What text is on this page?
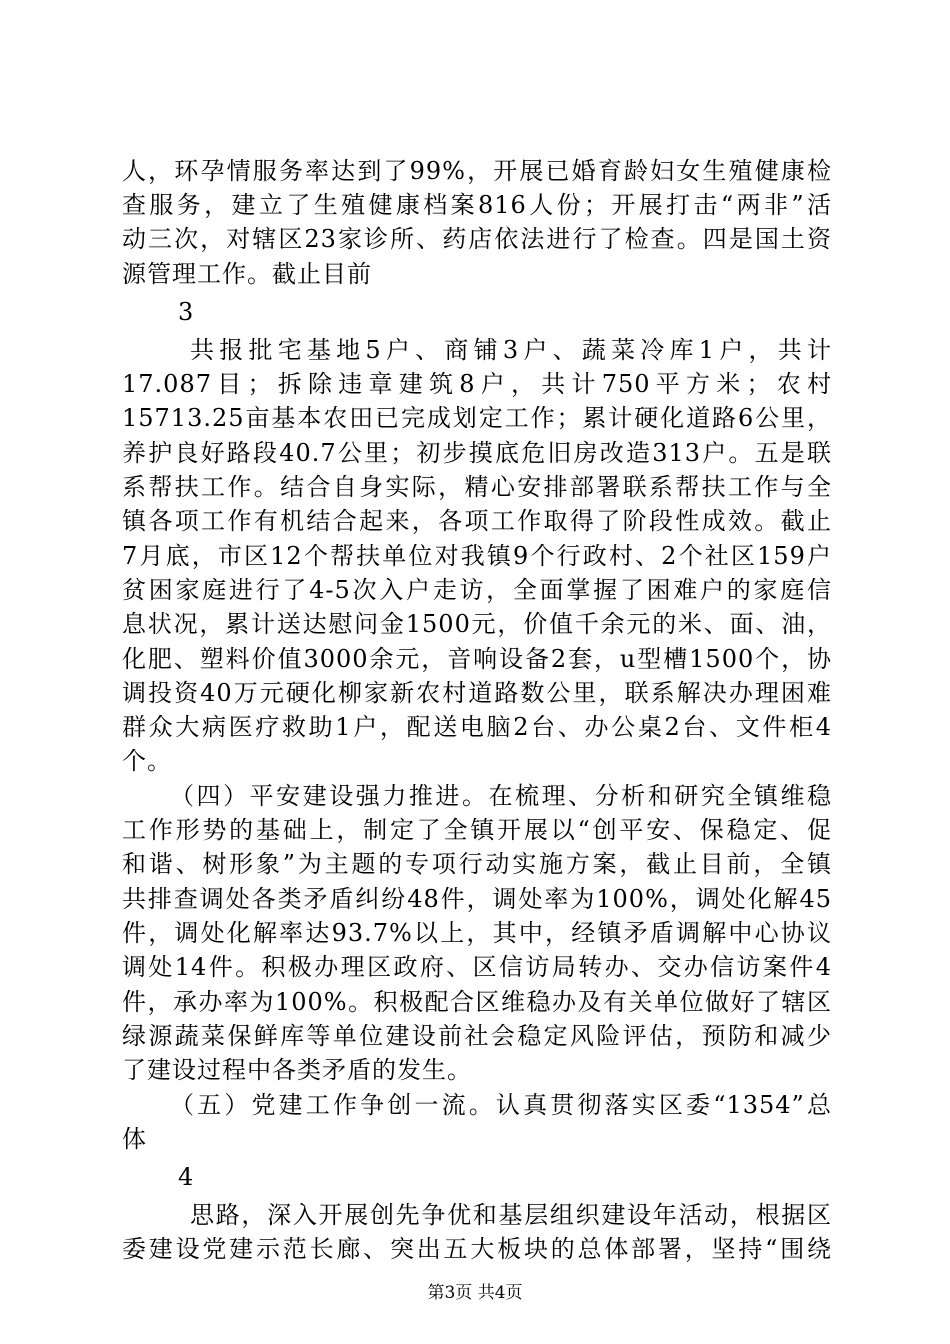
人，环孕情服务率达到了99%，开展已婚育龄妇女生殖健康检
查服务，建立了生殖健康档案816人份；开展打击“两非”活
动三次，对辖区23家诊所、药店依法进行了检查。四是国土资
源管理工作。截止目前
3
共报批宅基地5户、商铺3户、蔬菜冷库1户，共计
17.087目；拆除违章建筑8户，共计750平方米；农村
15713.25亩基本农田已完成划定工作；累计硬化道路6公里，
养护良好路段40.7公里；初步摸底危旧房改造313户。五是联
系帮扶工作。结合自身实际，精心安排部署联系帮扶工作与全
镇各项工作有机结合起来，各项工作取得了阶段性成效。截止
7月底，市区12个帮扶单位对我镇9个行政村、2个社区159户
贫困家庭进行了4-5次入户走访，全面掌握了困难户的家庭信
息状况，累计送达慰问金1500元，价值千余元的米、面、油，
化肥、塑料价值3000余元，音响设备2套，u型槽1500个，协
调投资40万元硬化柳家新农村道路数公里，联系解决办理困难
群众大病医疗救助1户，配送电脑2台、办公桌2台、文件柜4
个。
（四）平安建设强力推进。在梳理、分析和研究全镇维稳
工作形势的基础上，制定了全镇开展以“创平安、保稳定、促
和谐、树形象”为主题的专项行动实施方案，截止目前，全镇
共排查调处各类矛盾纠纷48件，调处率为100%，调处化解45
件，调处化解率达93.7%以上，其中，经镇矛盾调解中心协议
调处14件。积极办理区政府、区信访局转办、交办信访案件4
件，承办率为100%。积极配合区维稳办及有关单位做好了辖区
绿源蔬菜保鲜库等单位建设前社会稳定风险评估，预防和减少
了建设过程中各类矛盾的发生。
（五）党建工作争创一流。认真贯彻落实区委“1354”总
体
4
思路，深入开展创先争优和基层组织建设年活动，根据区
第3页 共4页
委建设党建示范长廊、突出五大板块的总体部署，坚持“围绕
